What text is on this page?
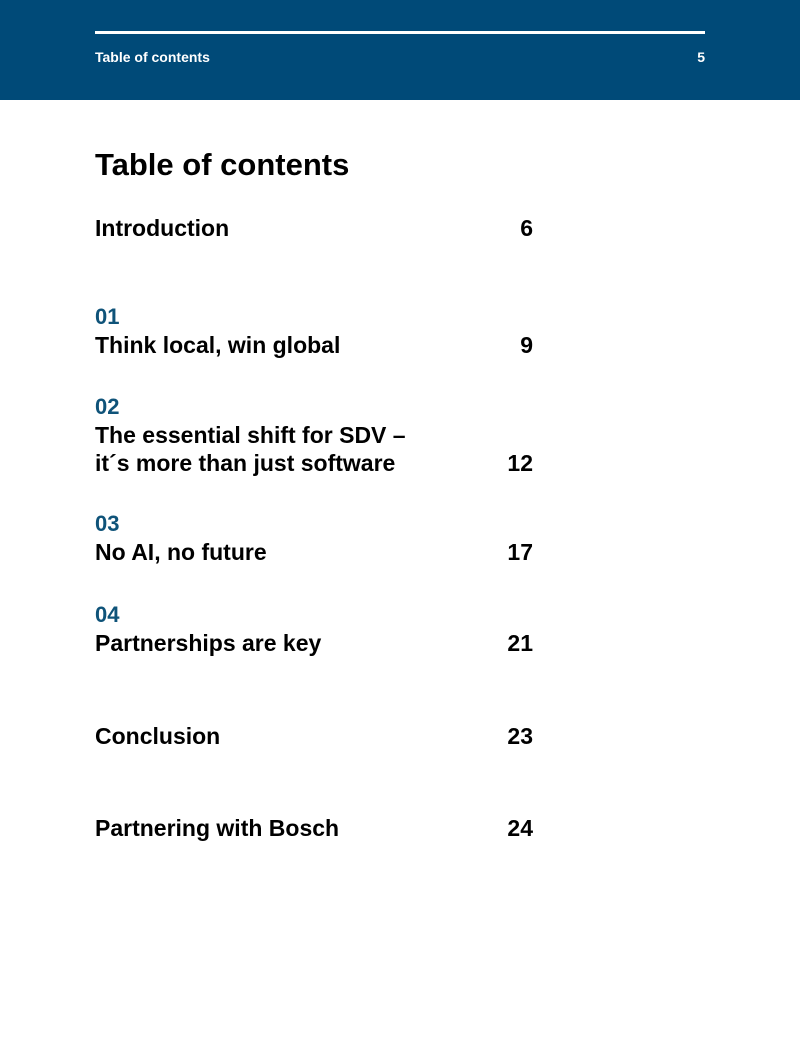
Table of contents	5
Table of contents
Introduction	6
01
Think local, win global	9
02
The essential shift for SDV –
it´s more than just software	12
03
No AI, no future	17
04
Partnerships are key	21
Conclusion	23
Partnering with Bosch	24
